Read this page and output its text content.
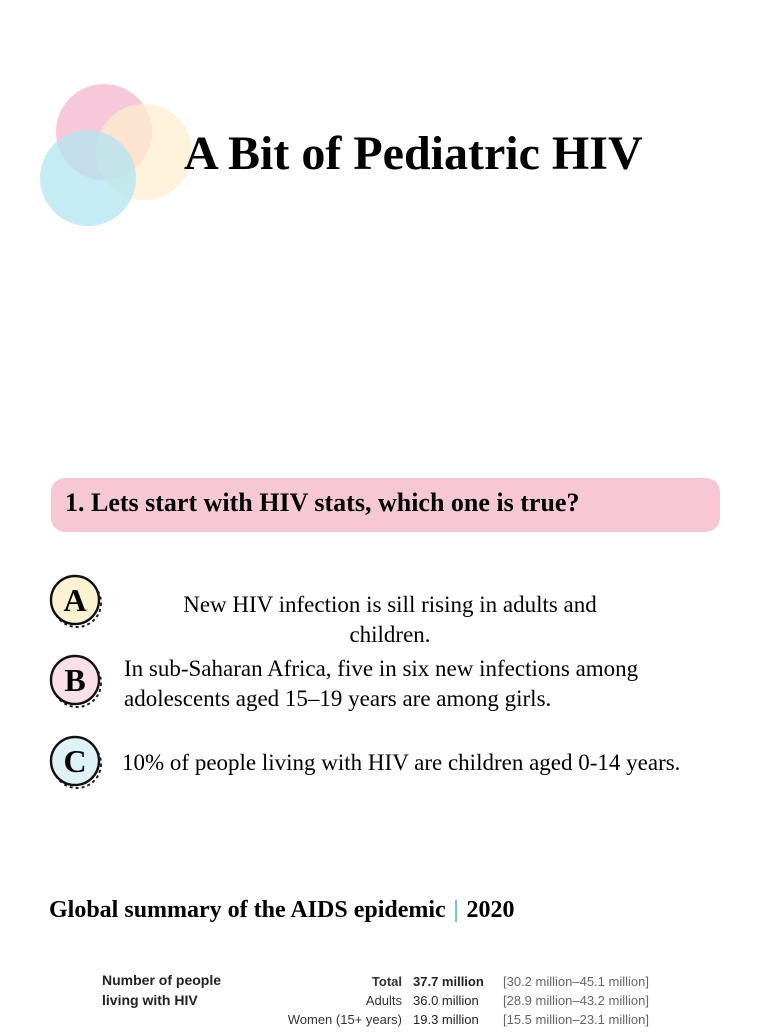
A Bit of Pediatric HIV
1. Lets start with HIV stats, which one is true?
A	New HIV infection is sill rising in adults and children.
B	In sub-Saharan Africa, five in six new infections among adolescents aged 15–19 years are among girls.
C	10% of people living with HIV are children aged 0-14 years.
Global summary of the AIDS epidemic | 2020
Number of people
living with HIV
Total 37.7 million [30.2 million–45.1 million]
Adults 36.0 million [28.9 million–43.2 million]
Women (15+ years) 19.3 million [15.5 million–23.1 million]
